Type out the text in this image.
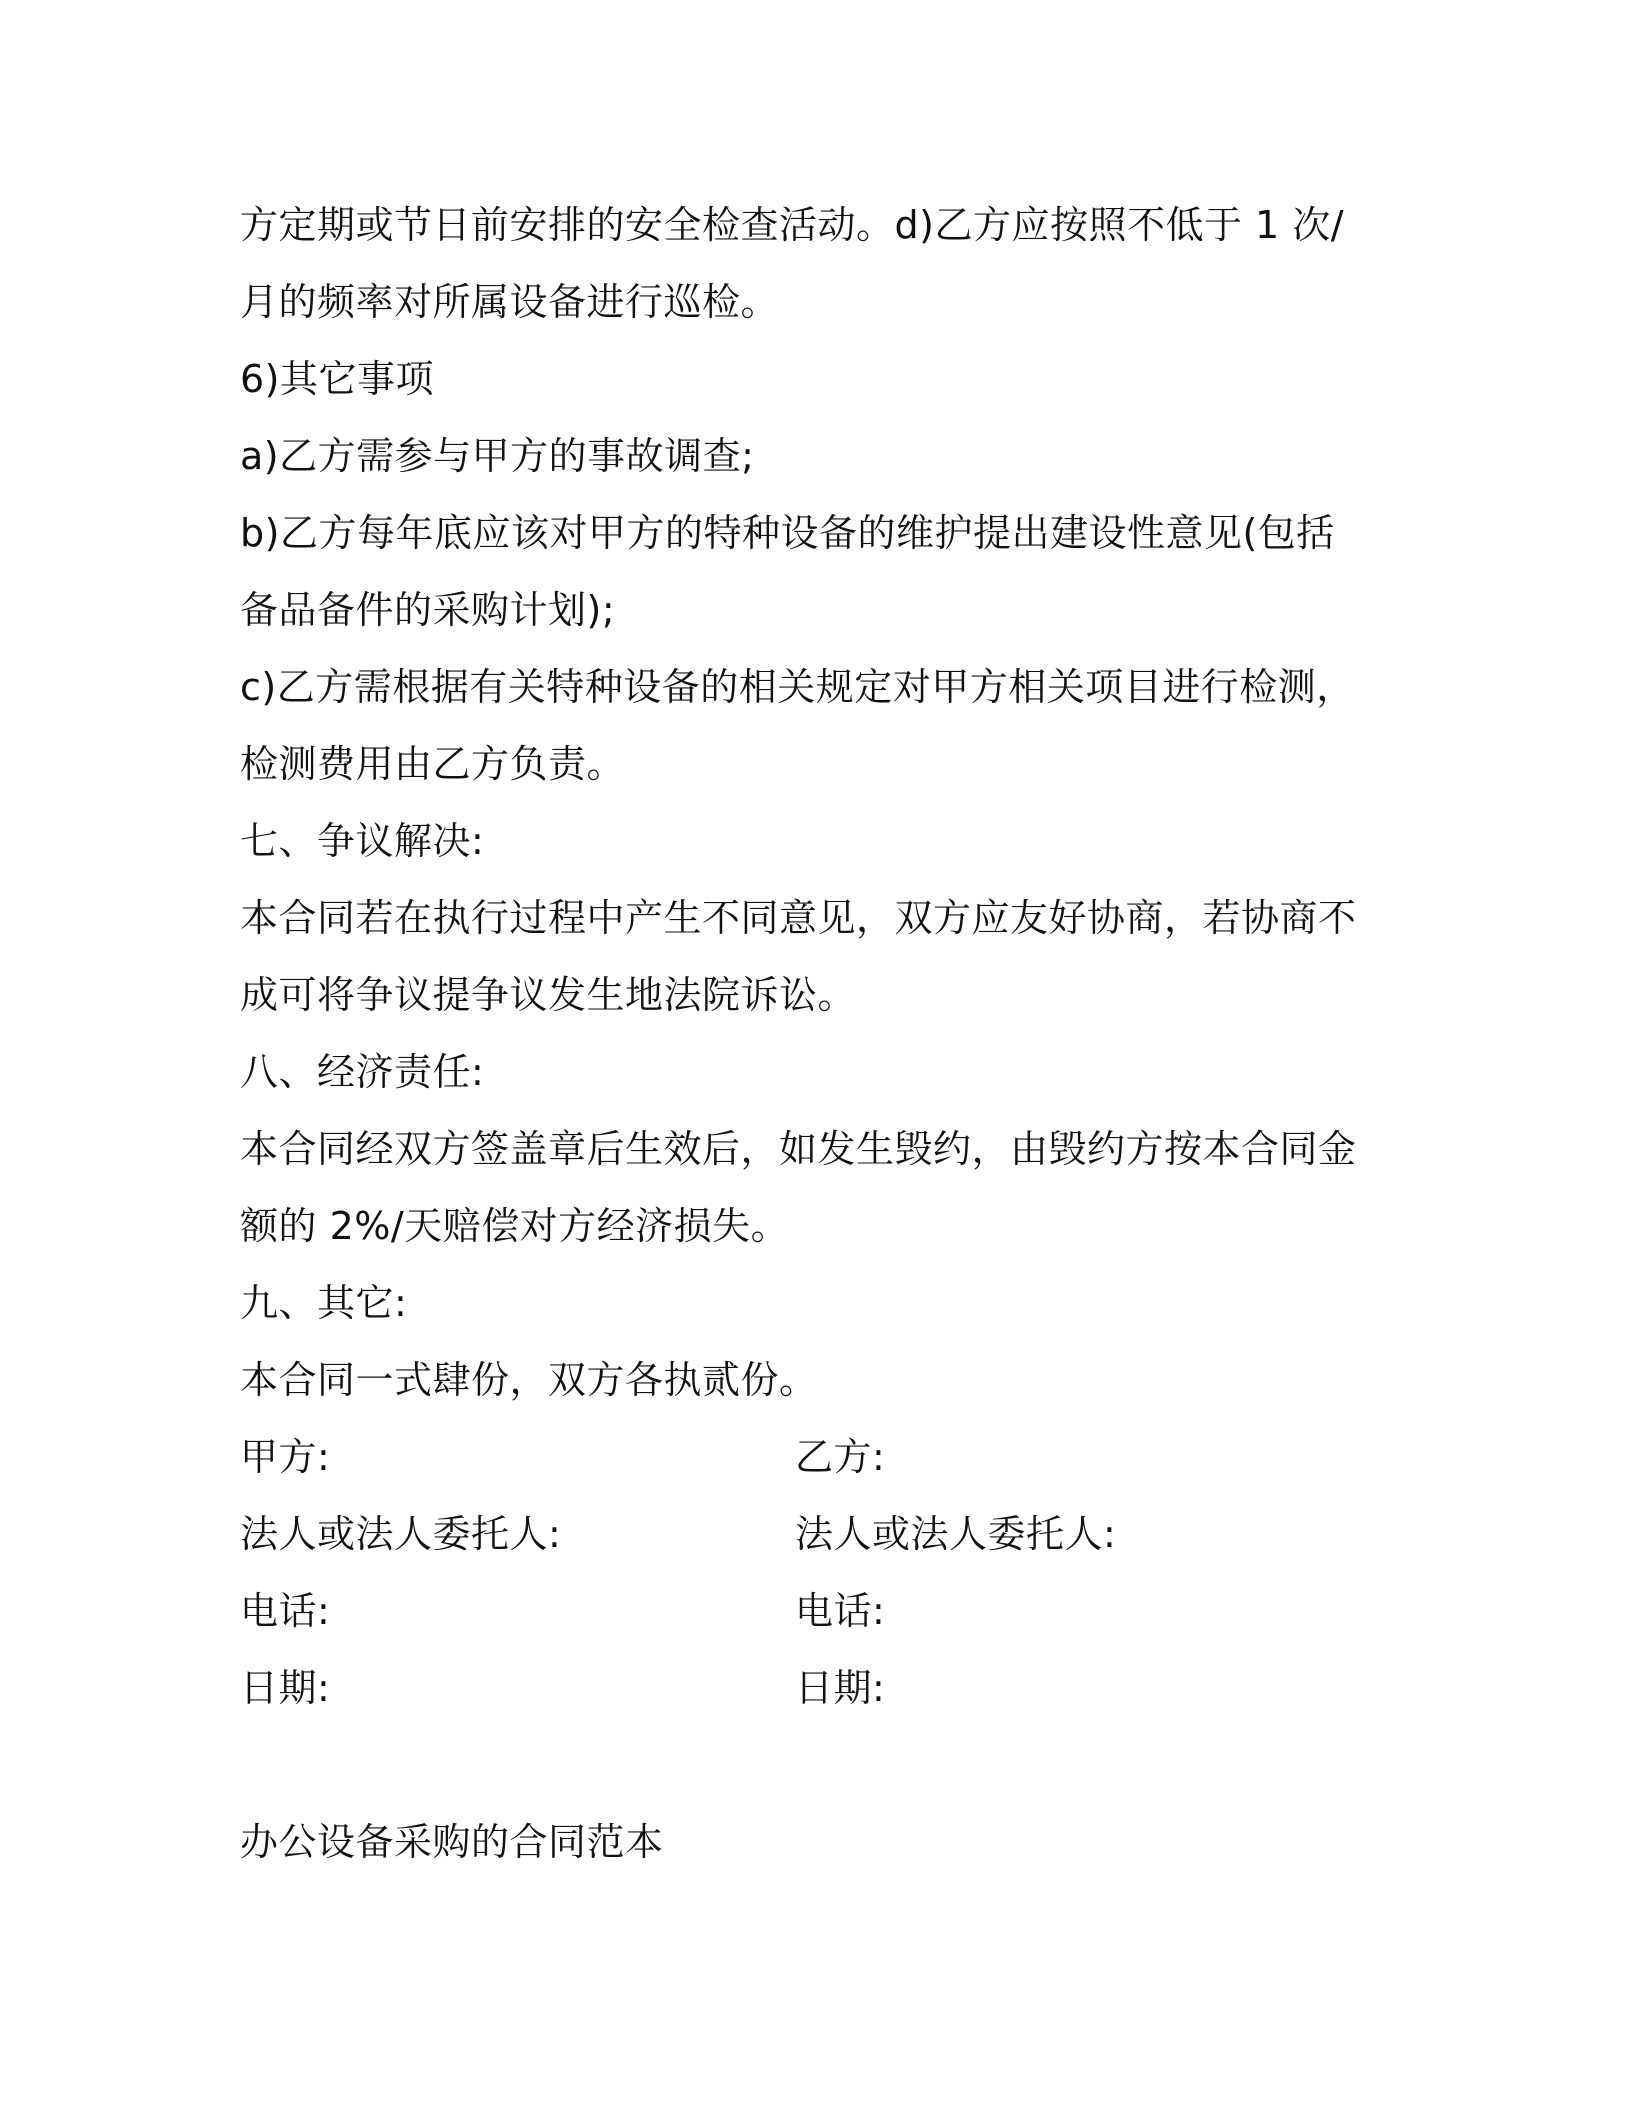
方定期或节日前安排的安全检查活动。d)乙方应按照不低于 1 次/月的频率对所属设备进行巡检。

6)其它事项

a)乙方需参与甲方的事故调查;

b)乙方每年底应该对甲方的特种设备的维护提出建设性意见(包括备品备件的采购计划);

c)乙方需根据有关特种设备的相关规定对甲方相关项目进行检测，检测费用由乙方负责。

七、争议解决:

本合同若在执行过程中产生不同意见，双方应友好协商，若协商不成可将争议提争议发生地法院诉讼。

八、经济责任:

本合同经双方签盖章后生效后，如发生毁约，由毁约方按本合同金额的 2%/天赔偿对方经济损失。

九、其它:

本合同一式肆份，双方各执贰份。

甲方:	乙方:
法人或法人委托人:	法人或法人委托人:
电话:	电话:
日期:	日期:

办公设备采购的合同范本
